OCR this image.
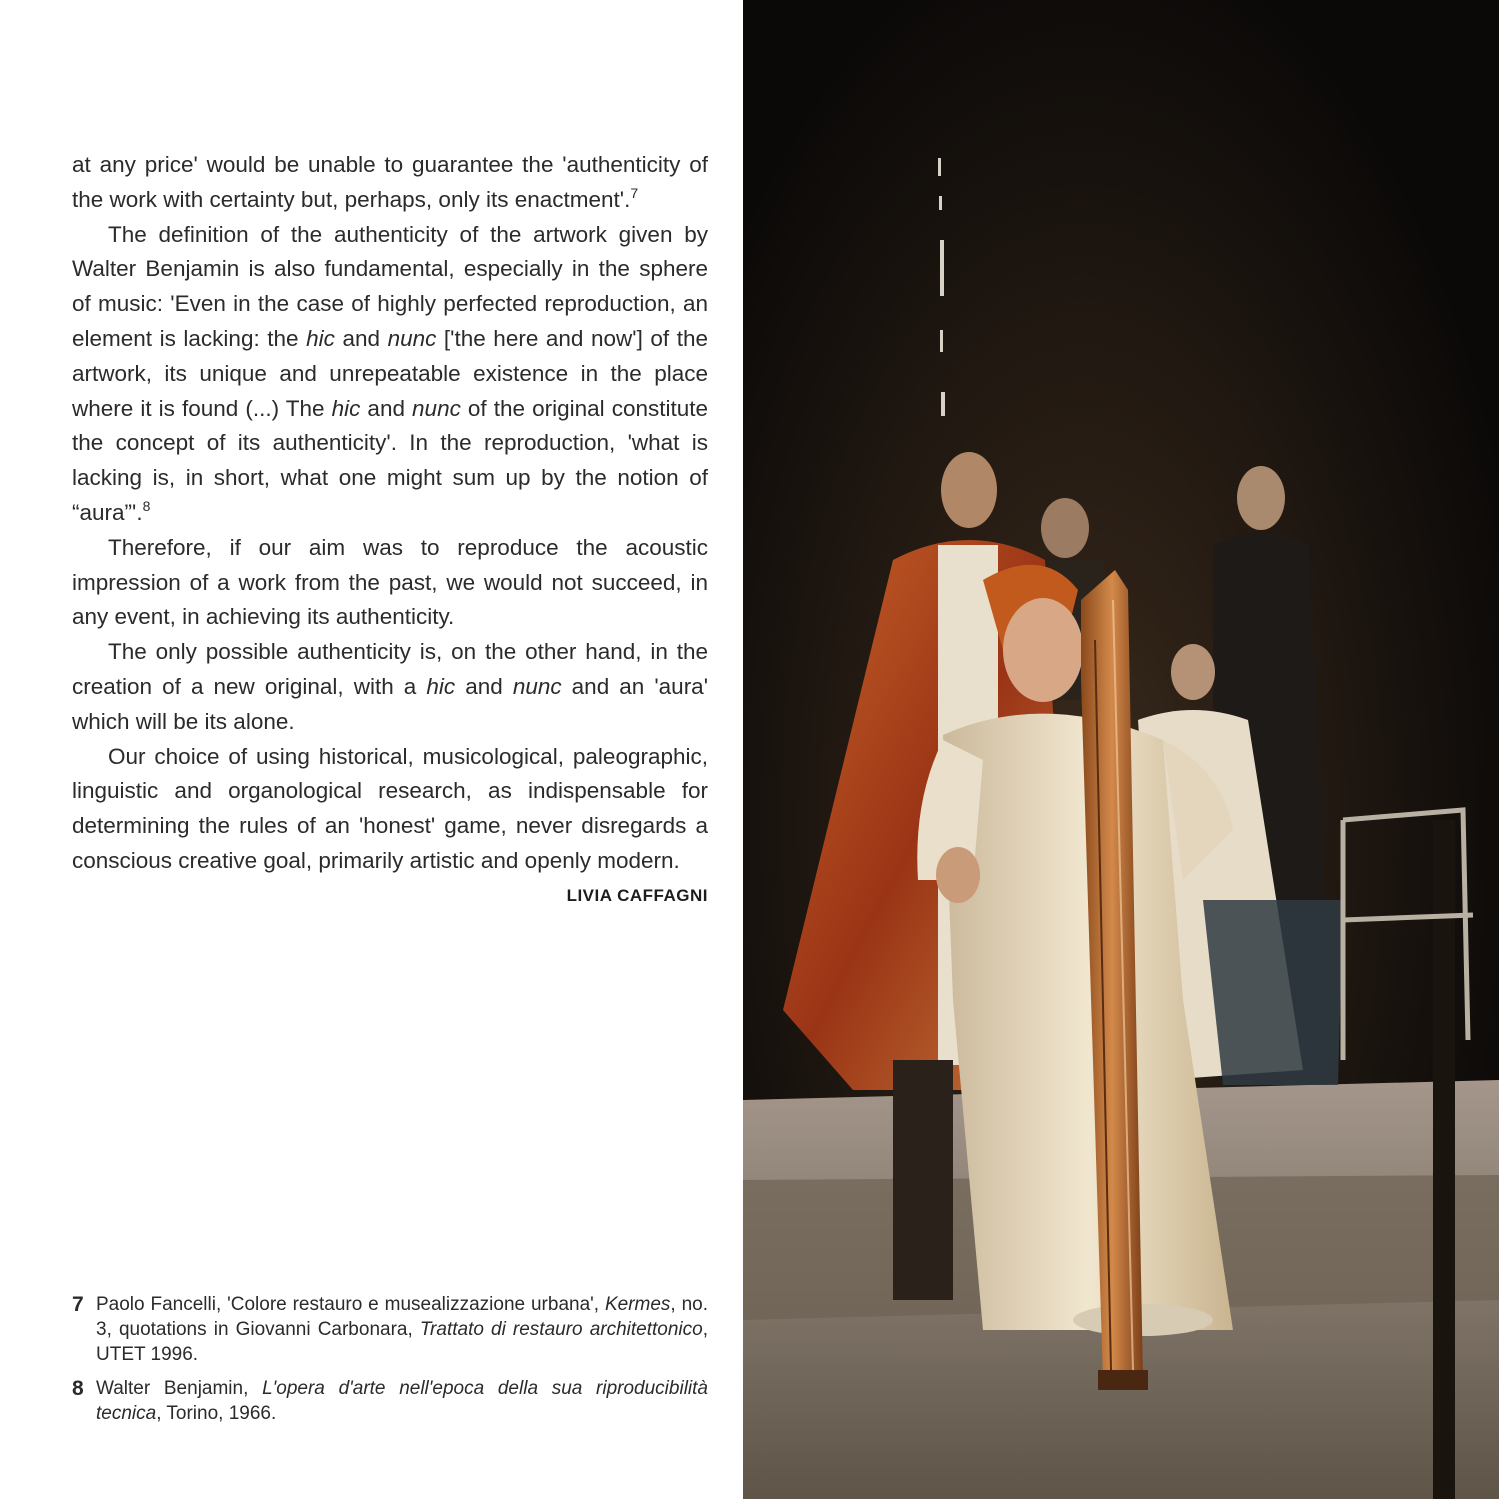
at any price' would be unable to guarantee the 'authenticity of the work with certainty but, perhaps, only its enactment'.$^7$

The definition of the authenticity of the artwork given by Walter Benjamin is also fundamental, especially in the sphere of music: 'Even in the case of highly perfected reproduction, an element is lacking: the hic and nunc ['the here and now'] of the artwork, its unique and unrepeatable existence in the place where it is found (...) The hic and nunc of the original constitute the concept of its authenticity'. In the reproduction, 'what is lacking is, in short, what one might sum up by the notion of “aura”'.$^8$

Therefore, if our aim was to reproduce the acoustic impression of a work from the past, we would not succeed, in any event, in achieving its authenticity.

The only possible authenticity is, on the other hand, in the creation of a new original, with a hic and nunc and an 'aura' which will be its alone.

Our choice of using historical, musicological, paleographic, linguistic and organological research, as indispensable for determining the rules of an 'honest' game, never disregards a conscious creative goal, primarily artistic and openly modern.

LIVIA CAFFAGNI
7 Paolo Fancelli, 'Colore restauro e musealizzazione urbana', Kermes, no. 3, quotations in Giovanni Carbonara, Trattato di restauro architettonico, UTET 1996.
8 Walter Benjamin, L'opera d'arte nell'epoca della sua riproducibilità tecnica, Torino, 1966.
